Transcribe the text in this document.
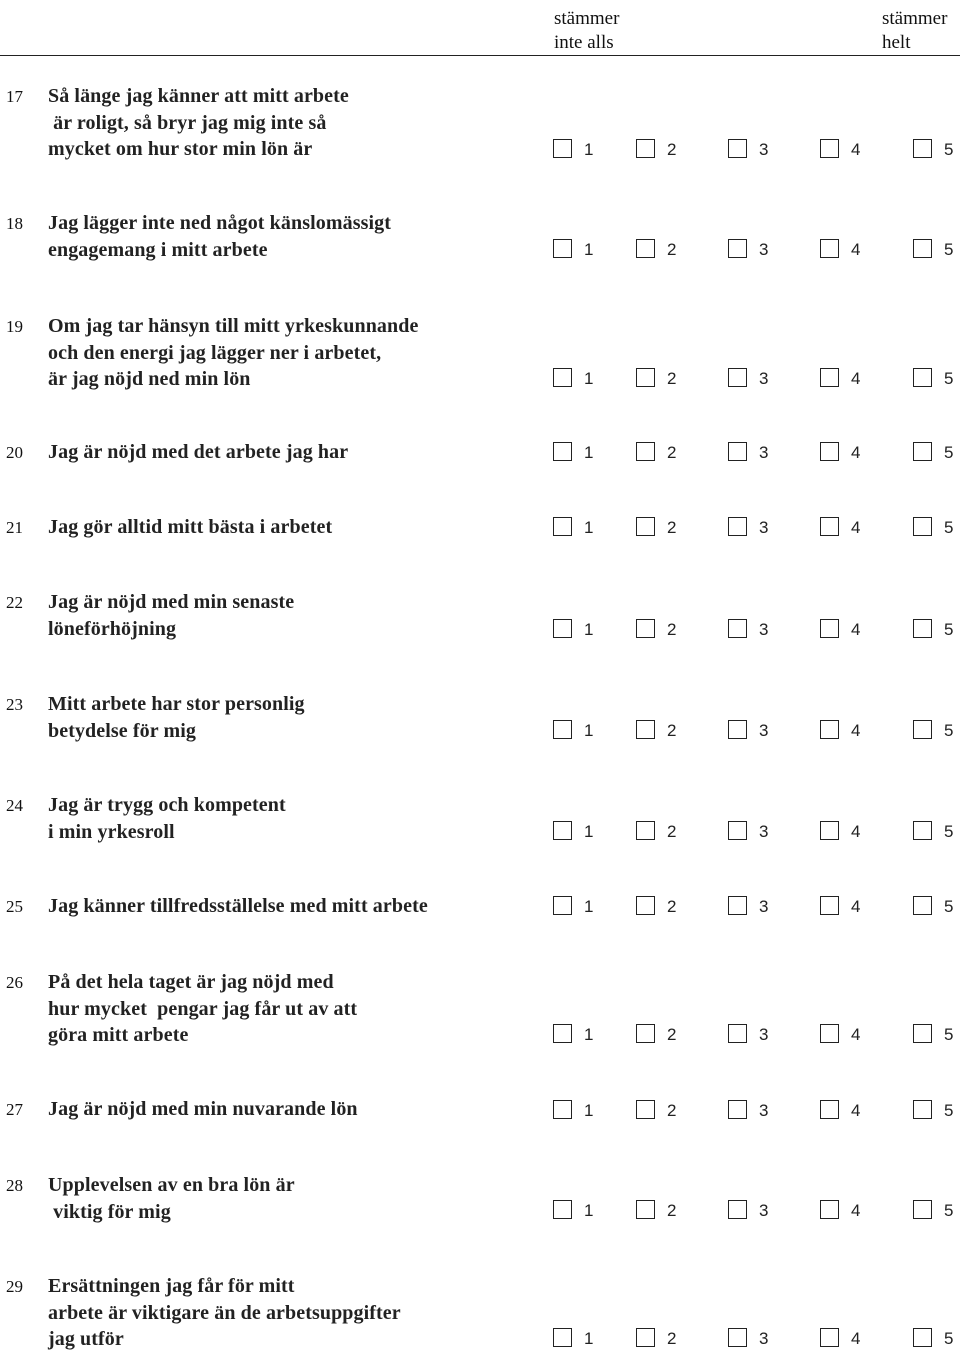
stämmer
inte alls
stämmer
helt
17 Så länge jag känner att mitt arbete
är roligt, så bryr jag mig inte så
mycket om hur stor min lön är	1	2	3	4	5
18 Jag lägger inte ned något känslomässigt
engagemang i mitt arbete	1	2	3	4	5
19 Om jag tar hänsyn till mitt yrkeskunnande
och den energi jag lägger ner i arbetet,
är jag nöjd ned min lön	1	2	3	4	5
20 Jag är nöjd med det arbete jag har	1	2	3	4	5
21 Jag gör alltid mitt bästa i arbetet	1	2	3	4	5
22 Jag är nöjd med min senaste
löneförhöjning	1	2	3	4	5
23 Mitt arbete har stor personlig
betydelse för mig	1	2	3	4	5
24 Jag är trygg och kompetent
i min yrkesroll	1	2	3	4	5
25 Jag känner tillfredsställelse med mitt arbete	1	2	3	4	5
26 På det hela taget är jag nöjd med
hur mycket  pengar jag får ut av att
göra mitt arbete	1	2	3	4	5
27 Jag är nöjd med min nuvarande lön	1	2	3	4	5
28 Upplevelsen av en bra lön är
viktig för mig	1	2	3	4	5
29 Ersättningen jag får för mitt
arbete är viktigare än de arbetsuppgifter
jag utför	1	2	3	4	5
